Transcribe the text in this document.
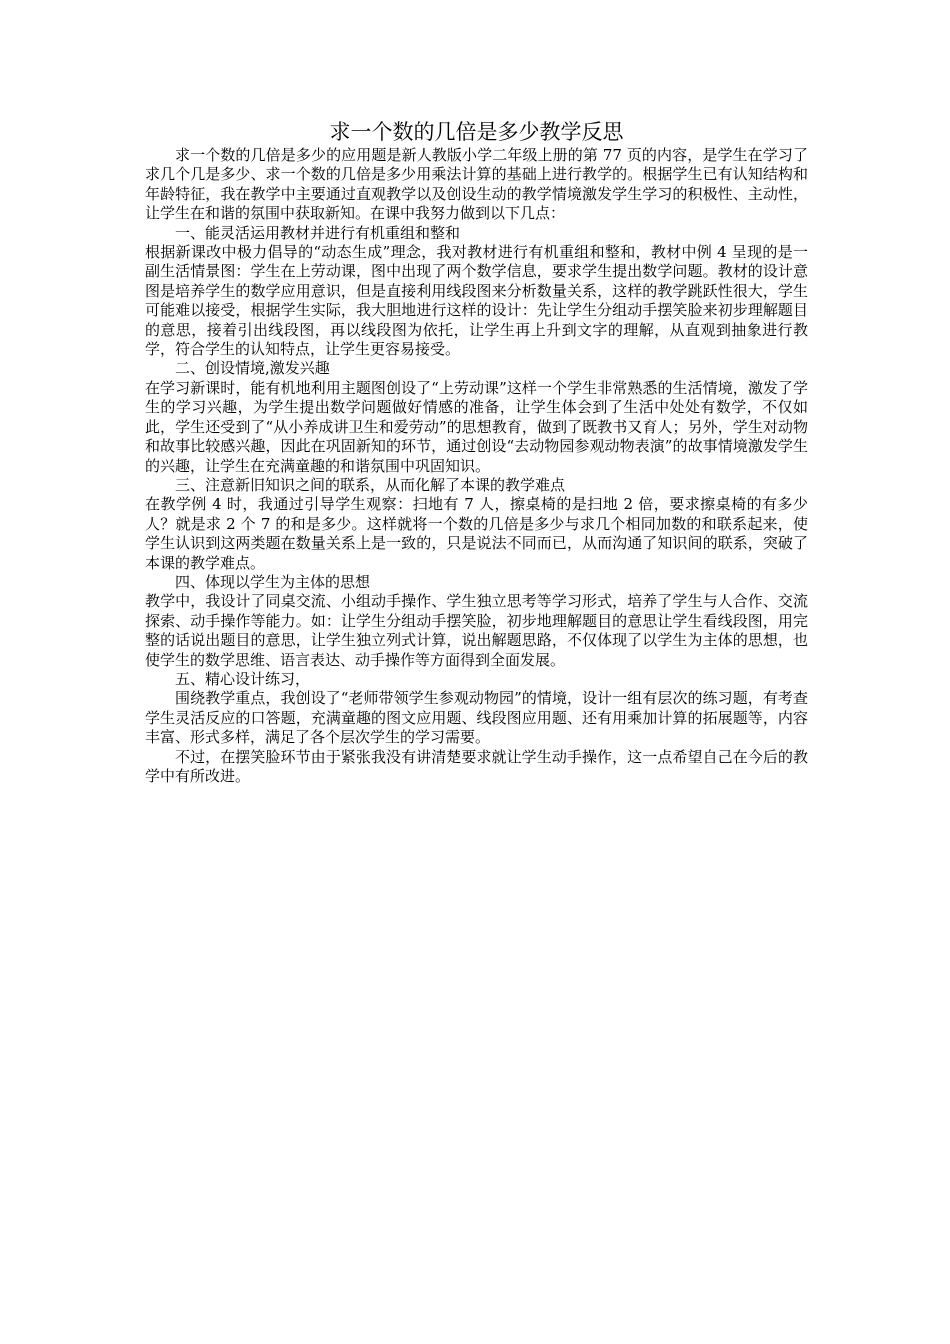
求一个数的几倍是多少教学反思

求一个数的几倍是多少的应用题是新人教版小学二年级上册的第 77 页的内容，是学生在学习了求几个几是多少、求一个数的几倍是多少用乘法计算的基础上进行教学的。根据学生已有认知结构和年龄特征，我在教学中主要通过直观教学以及创设生动的教学情境激发学生学习的积极性、主动性，让学生在和谐的氛围中获取新知。在课中我努力做到以下几点：

一、能灵活运用教材并进行有机重组和整和

根据新课改中极力倡导的“动态生成”理念，我对教材进行有机重组和整和，教材中例 4 呈现的是一副生活情景图：学生在上劳动课，图中出现了两个数学信息，要求学生提出数学问题。教材的设计意图是培养学生的数学应用意识，但是直接利用线段图来分析数量关系，这样的教学跳跃性很大，学生可能难以接受，根据学生实际，我大胆地进行这样的设计：先让学生分组动手摆笑脸来初步理解题目的意思，接着引出线段图，再以线段图为依托，让学生再上升到文字的理解，从直观到抽象进行教学，符合学生的认知特点，让学生更容易接受。

二、创设情境,激发兴趣

在学习新课时，能有机地利用主题图创设了“上劳动课”这样一个学生非常熟悉的生活情境，激发了学生的学习兴趣，为学生提出数学问题做好情感的准备，让学生体会到了生活中处处有数学，不仅如此，学生还受到了“从小养成讲卫生和爱劳动”的思想教育，做到了既教书又育人；另外，学生对动物和故事比较感兴趣，因此在巩固新知的环节，通过创设“去动物园参观动物表演”的故事情境激发学生的兴趣，让学生在充满童趣的和谐氛围中巩固知识。

三、注意新旧知识之间的联系，从而化解了本课的教学难点

在教学例 4 时，我通过引导学生观察：扫地有 7 人，擦桌椅的是扫地 2 倍，要求擦桌椅的有多少人？就是求 2 个 7 的和是多少。这样就将一个数的几倍是多少与求几个相同加数的和联系起来，使学生认识到这两类题在数量关系上是一致的，只是说法不同而已，从而沟通了知识间的联系，突破了本课的教学难点。

四、体现以学生为主体的思想

教学中，我设计了同桌交流、小组动手操作、学生独立思考等学习形式，培养了学生与人合作、交流探索、动手操作等能力。如：让学生分组动手摆笑脸，初步地理解题目的意思让学生看线段图，用完整的话说出题目的意思，让学生独立列式计算，说出解题思路，不仅体现了以学生为主体的思想，也使学生的数学思维、语言表达、动手操作等方面得到全面发展。

五、精心设计练习，

围绕教学重点，我创设了“老师带领学生参观动物园”的情境，设计一组有层次的练习题，有考查学生灵活反应的口答题，充满童趣的图文应用题、线段图应用题、还有用乘加计算的拓展题等，内容丰富、形式多样，满足了各个层次学生的学习需要。

不过，在摆笑脸环节由于紧张我没有讲清楚要求就让学生动手操作，这一点希望自己在今后的教学中有所改进。
